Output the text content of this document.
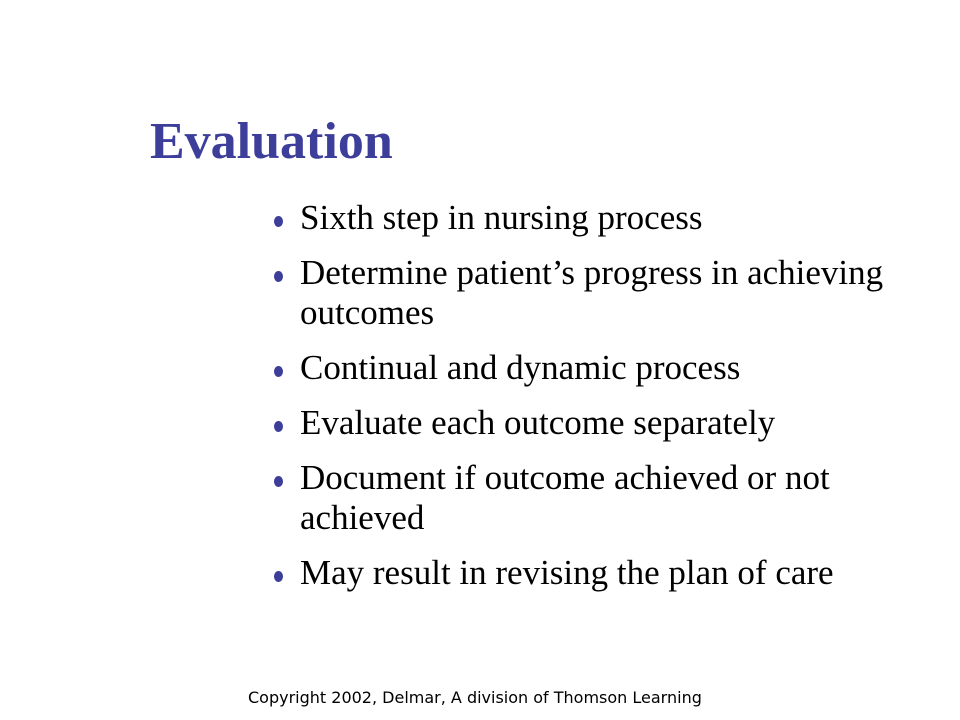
Evaluation
Sixth step in nursing process
Determine patient’s progress in achieving outcomes
Continual and dynamic process
Evaluate each outcome separately
Document if outcome achieved or not achieved
May result in revising the plan of care
Copyright 2002, Delmar, A division of Thomson Learning
